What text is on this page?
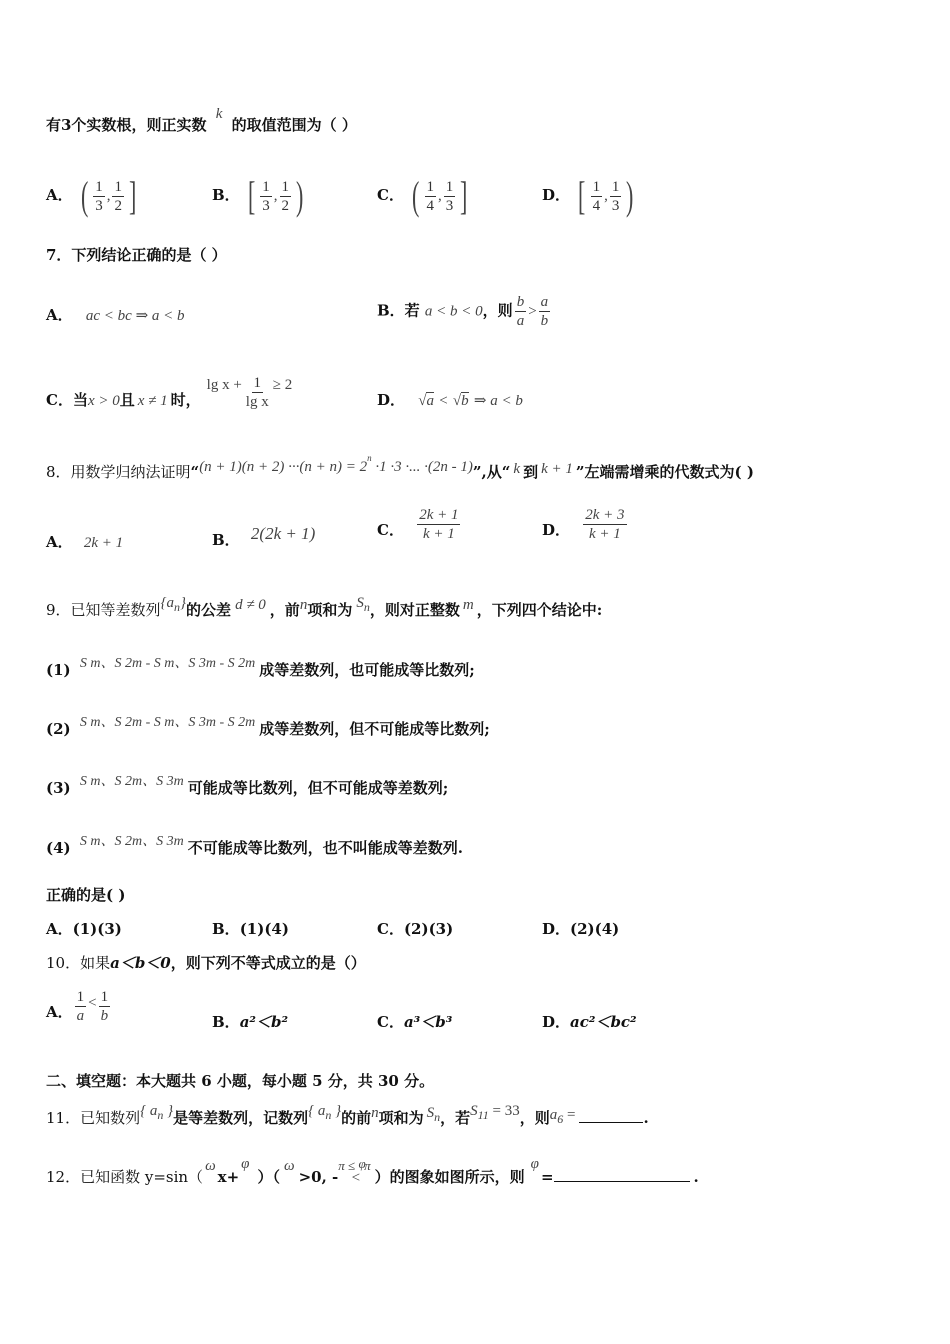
有3个实数根，则正实数 k 的取值范围为（ ）
A． ( $\frac{1}{3}$ , $\frac{1}{2}$ ]	B． [ $\frac{1}{3}$ , $\frac{1}{2}$ )	C． ( $\frac{1}{4}$ , $\frac{1}{3}$ ]	D． [ $\frac{1}{4}$ , $\frac{1}{3}$ )
7．下列结论正确的是（ ）
A． ac < bc ⇒ a < b	B．若 a < b < 0，则 $\frac{b}{a} > \frac{a}{b}$
C．当x > 0且 x ≠ 1 时，$\lg x + \frac{1}{\text{lg x}} \ge 2$
D． √a < √b ⇒ a < b
8．用数学归纳法证明“$(n + 1)(n + 2) \cdot\cdot\cdot(n + n) = 2^n \cdot 1 \cdot 3$ ·... ·(2n - 1)”,从“ k 到 k + 1 ”左端需增乘的代数式为( )
A． 2k + 1	B． 2(2k + 1)	C． $\frac{2k + 1}{k + 1}$	D． $\frac{2k + 3}{k + 1}$
9．已知等差数列$\{a_n\}$的公差 d ≠ 0 ，前n项和为 $S_n$，则对正整数 m ，下列四个结论中:
(1) S m、S 2m - S m、S 3m - S 2m 成等差数列，也可能成等比数列;
(2) S m、S 2m - S m、S 3m - S 2m 成等差数列，但不可能成等比数列;
(3) S m、S 2m、S 3m 可能成等比数列，但不可能成等差数列;
(4) S m、S 2m、S 3m 不可能成等比数列，也不叫能成等差数列.
正确的是( )
A．(1)(3)	B．(1)(4)	C．(2)(3)	D．(2)(4)
10．如果a＜b＜0，则下列不等式成立的是（）
A． $\frac{1}{a} < \frac{1}{b}$	B．a²＜b²	C．a³＜b³	D．ac²＜bc²
二、填空题：本大题共 6 小题，每小题 5 分，共 30 分。
11．已知数列{ $a_n$ }是等差数列，记数列{ $a_n$ }的前n项和为 $S_n$，若$S_{11} = 33$，则$a_6$ =	.
12．已知函数 y=sin（ωx+φ）（ω>0, -π ≤ φ<π）的图象如图所示，则φ=	.
